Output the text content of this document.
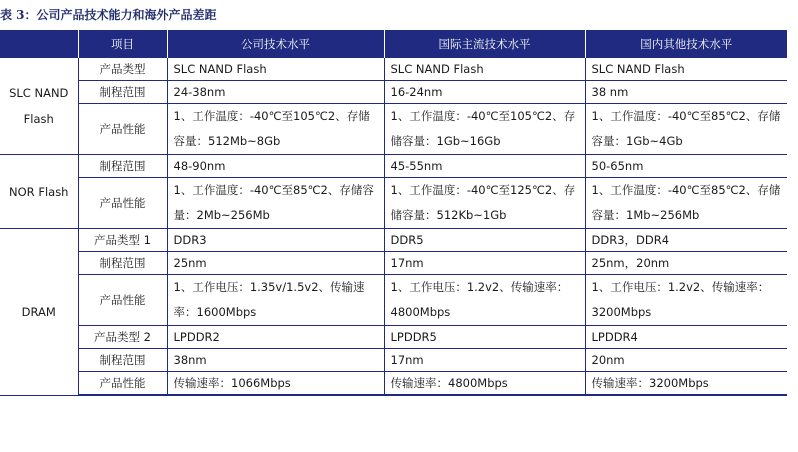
表 3：公司产品技术能力和海外产品差距
	项目	公司技术水平	国际主流技术水平	国内其他技术水平
SLC NAND Flash	产品类型	SLC NAND Flash	SLC NAND Flash	SLC NAND Flash
	制程范围	24-38nm	16-24nm	38 nm
	产品性能	1、工作温度：-40℃至105℃2、存储容量：512Mb~8Gb	1、工作温度：-40℃至105℃2、存储容量：1Gb~16Gb	1、工作温度：-40℃至85℃2、存储容量：1Gb~4Gb
NOR Flash	制程范围	48-90nm	45-55nm	50-65nm
	产品性能	1、工作温度：-40℃至85℃2、存储容量：2Mb~256Mb	1、工作温度：-40℃至125℃2、存储容量：512Kb~1Gb	1、工作温度：-40℃至85℃2、存储容量：1Mb~256Mb
DRAM	产品类型 1	DDR3	DDR5	DDR3，DDR4
	制程范围	25nm	17nm	25nm，20nm
	产品性能	1、工作电压：1.35v/1.5v2、传输速率：1600Mbps	1、工作电压：1.2v2、传输速率：4800Mbps	1、工作电压：1.2v2、传输速率：3200Mbps
	产品类型 2	LPDDR2	LPDDR5	LPDDR4
	制程范围	38nm	17nm	20nm
	产品性能	传输速率：1066Mbps	传输速率：4800Mbps	传输速率：3200Mbps
